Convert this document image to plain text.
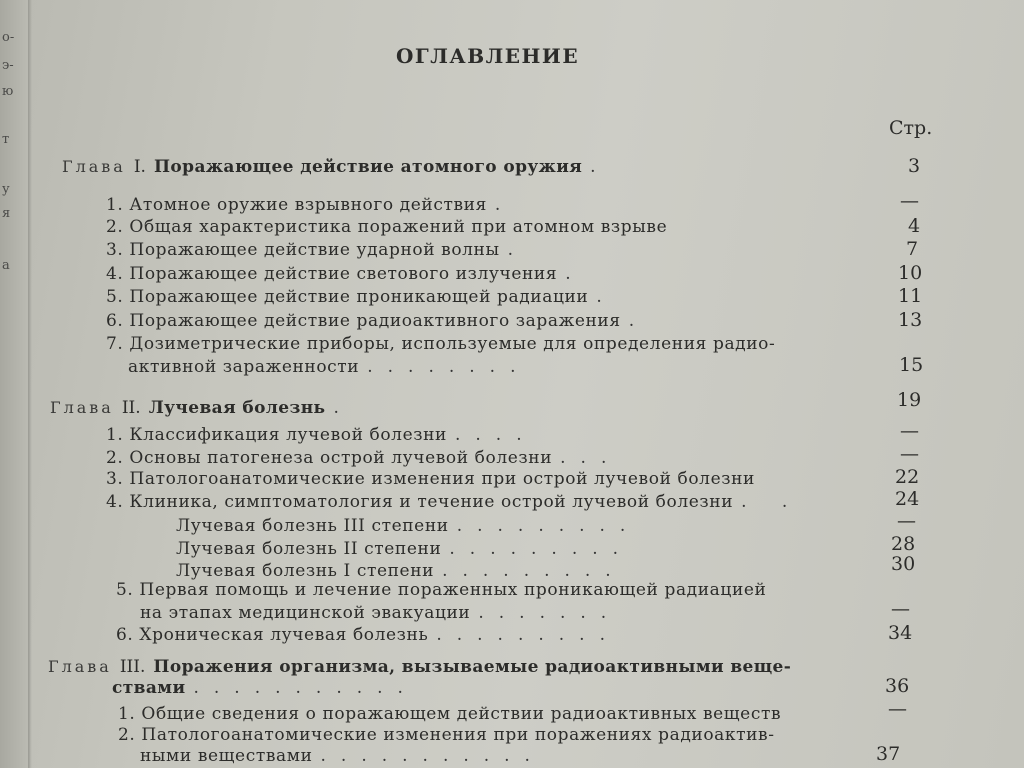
о-
э-
ю
т
у
я
а
ОГЛАВЛЕНИЕ
Стр.
Глава I. Поражающее действие атомного оружия .	3
1. Атомное оружие взрывного действия .	—
2. Общая характеристика поражений при атомном взрыве	4
3. Поражающее действие ударной волны .	7
4. Поражающее действие светового излучения .	10
5. Поражающее действие проникающей радиации .	11
6. Поражающее действие радиоактивного заражения .	13
7. Дозиметрические приборы, используемые для определения радио-
активной зараженности ........	15
Глава II. Лучевая болезнь .	19
1. Классификация лучевой болезни ....	—
2. Основы патогенеза острой лучевой болезни ...	—
3. Патологоанатомические изменения при острой лучевой болезни	22
4. Клиника, симптоматология и течение острой лучевой болезни . .	24
Лучевая болезнь III степени .........	—
Лучевая болезнь II степени .........	28
Лучевая болезнь I степени .........	30
5. Первая помощь и лечение пораженных проникающей радиацией
на этапах медицинской эвакуации .......	—
6. Хроническая лучевая болезнь .........	34
Глава III. Поражения организма, вызываемые радиоактивными веще-
ствами ...........	36
1. Общие сведения о поражающем действии радиоактивных веществ	—
2. Патологоанатомические изменения при поражениях радиоактив-
ными веществами ...........	37
